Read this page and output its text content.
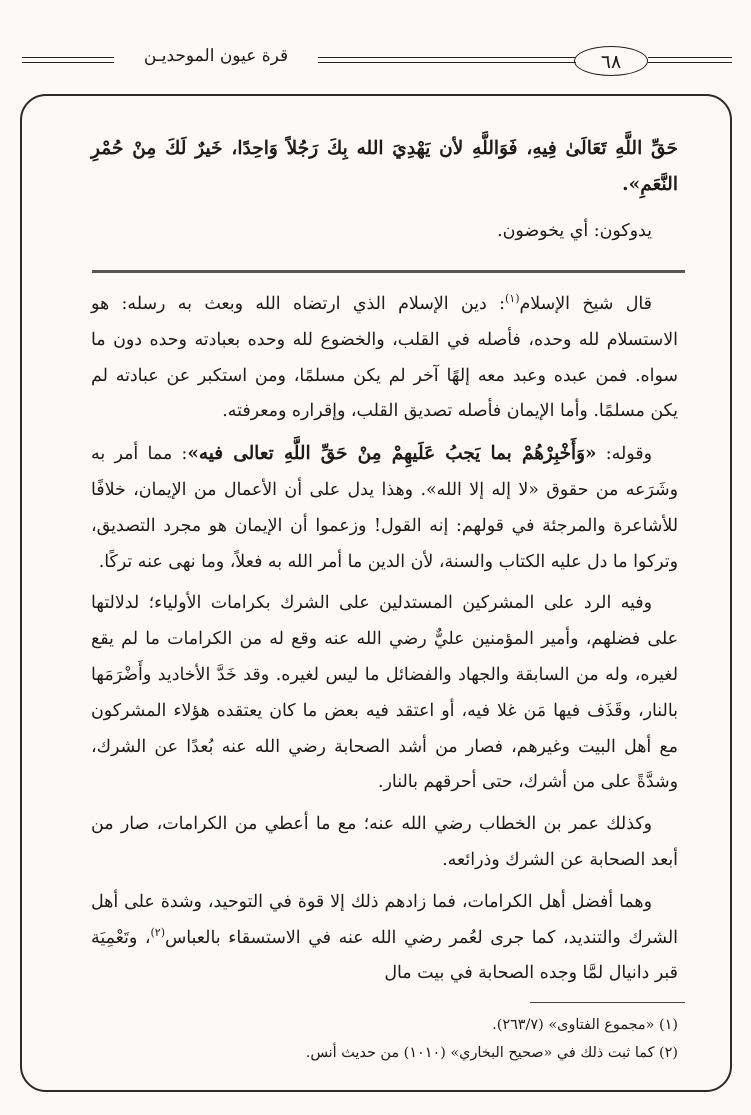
قرة عيون الموحديـن	٦٨

حَقِّ اللَّهِ تَعَالَىٰ فِيهِ، فَوَاللَّهِ لأن يَهْدِيَ الله بِكَ رَجُلاً وَاحِدًا، خَيرٌ لَكَ مِنْ حُمْرِ النَّعَمِ».

يدوكون: أي يخوضون.

قال شيخ الإسلام$^{(١)}$: دين الإسلام الذي ارتضاه الله وبعث به رسله: هو الاستسلام لله وحده، فأصله في القلب، والخضوع لله وحده بعبادته وحده دون ما سواه. فمن عبده وعبد معه إلهًا آخر لم يكن مسلمًا، ومن استكبر عن عبادته لم يكن مسلمًا. وأما الإيمان فأصله تصديق القلب، وإقراره ومعرفته.

وقوله: «وَأَخْبِرْهُمْ بما يَجبُ عَلَيهِمْ مِنْ حَقِّ اللَّهِ تعالى فيه»: مما أمر به وشَرَعه من حقوق «لا إله إلا الله». وهذا يدل على أن الأعمال من الإيمان، خلافًا للأشاعرة والمرجئة في قولهم: إنه القول! وزعموا أن الإيمان هو مجرد التصديق، وتركوا ما دل عليه الكتاب والسنة، لأن الدين ما أمر الله به فعلاً، وما نهى عنه تركًا.

وفيه الرد على المشركين المستدلين على الشرك بكرامات الأولياء؛ لدلالتها على فضلهم، وأمير المؤمنين عليٌّ رضي الله عنه وقع له من الكرامات ما لم يقع لغيره، وله من السابقة والجهاد والفضائل ما ليس لغيره. وقد خَدَّ الأخاديد وأَضْرَمَها بالنار، وقَذَف فيها مَن غلا فيه، أو اعتقد فيه بعض ما كان يعتقده هؤلاء المشركون مع أهل البيت وغيرهم، فصار من أشد الصحابة رضي الله عنه بُعدًا عن الشرك، وشدَّةً على من أشرك، حتى أحرقهم بالنار.

وكذلك عمر بن الخطاب رضي الله عنه؛ مع ما أعطي من الكرامات، صار من أبعد الصحابة عن الشرك وذرائعه.

وهما أفضل أهل الكرامات، فما زادهم ذلك إلا قوة في التوحيد، وشدة على أهل الشرك والتنديد، كما جرى لعُمر رضي الله عنه في الاستسقاء بالعباس$^{(٢)}$، وتَعْمِيَة قبر دانيال لمَّا وجده الصحابة في بيت مال

(١) «مجموع الفتاوى» (٢٦٣/٧).

(٢) كما ثبت ذلك في «صحيح البخاري» (١٠١٠) من حديث أنس.
